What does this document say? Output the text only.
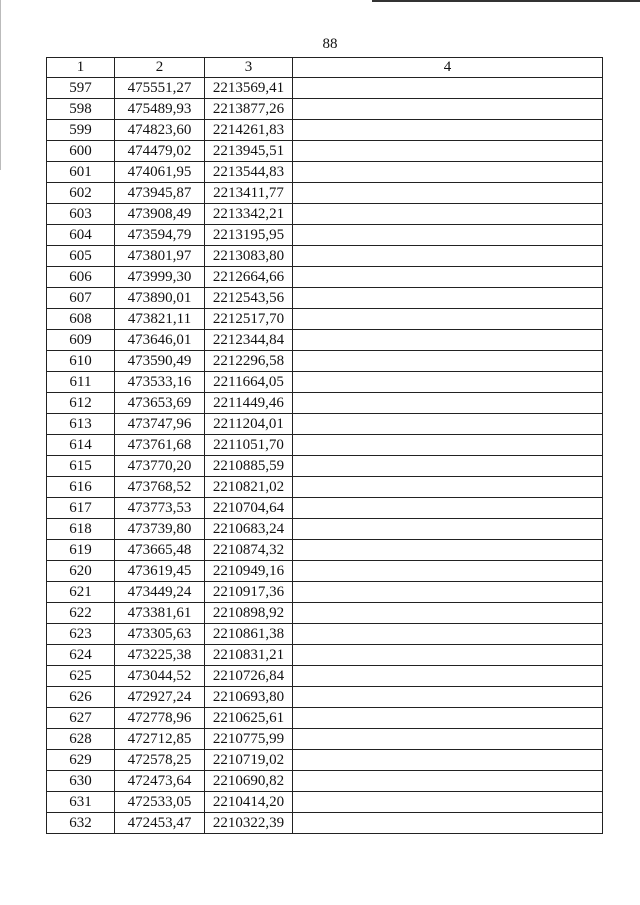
88
1	2	3	4
597	475551,27	2213569,41	
598	475489,93	2213877,26	
599	474823,60	2214261,83	
600	474479,02	2213945,51	
601	474061,95	2213544,83	
602	473945,87	2213411,77	
603	473908,49	2213342,21	
604	473594,79	2213195,95	
605	473801,97	2213083,80	
606	473999,30	2212664,66	
607	473890,01	2212543,56	
608	473821,11	2212517,70	
609	473646,01	2212344,84	
610	473590,49	2212296,58	
611	473533,16	2211664,05	
612	473653,69	2211449,46	
613	473747,96	2211204,01	
614	473761,68	2211051,70	
615	473770,20	2210885,59	
616	473768,52	2210821,02	
617	473773,53	2210704,64	
618	473739,80	2210683,24	
619	473665,48	2210874,32	
620	473619,45	2210949,16	
621	473449,24	2210917,36	
622	473381,61	2210898,92	
623	473305,63	2210861,38	
624	473225,38	2210831,21	
625	473044,52	2210726,84	
626	472927,24	2210693,80	
627	472778,96	2210625,61	
628	472712,85	2210775,99	
629	472578,25	2210719,02	
630	472473,64	2210690,82	
631	472533,05	2210414,20	
632	472453,47	2210322,39	
